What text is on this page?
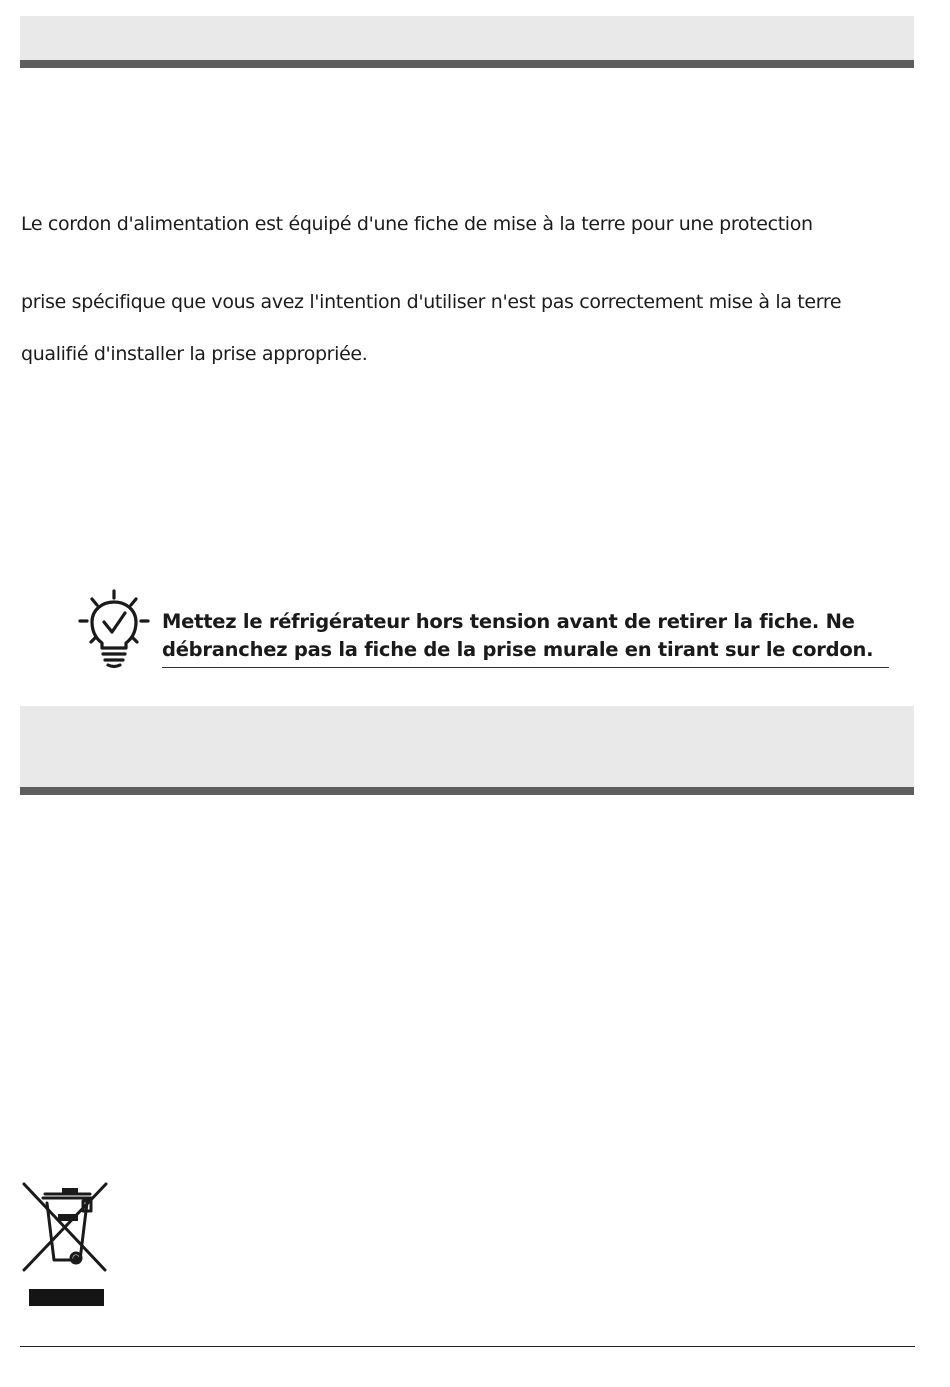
Le cordon d'alimentation est équipé d'une fiche de mise à la terre pour une protection

prise spécifique que vous avez l'intention d'utiliser n'est pas correctement mise à la terre

qualifié d'installer la prise appropriée.

Mettez le réfrigérateur hors tension avant de retirer la fiche. Ne
débranchez pas la fiche de la prise murale en tirant sur le cordon.
